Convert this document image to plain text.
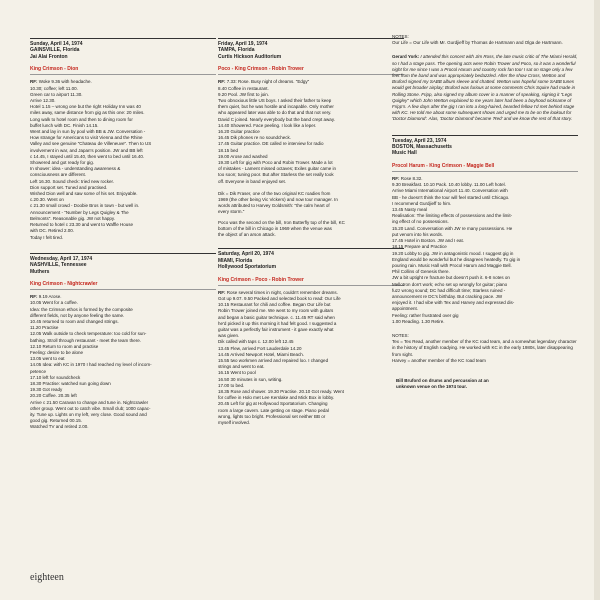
Sunday, April 14, 1974
GAINSVILLE, Florida
Jai Alai Fronton
King Crimson - Dion
RF: Woke 9.36 with headache.
10.30; coffee; left 11.00.
Green car to airport 11.30.
Arrive 12.30.
Hotel 1.15 – wrong one but the right Holiday Inn was 40
miles away, same distance from gig as this one: 20 miles.
Long walk to hotel room and then to dining room for
buffet lunch with DC. Finish 14.15.
Went and lay in sun by pool with BB & JW. Conversation -
How strange for Americans to visit Vienna and the Rhine
Valley and see genuine "Chateau de Villeneuve". Then to US
involvement in war, and Japan's position. JW and BB left
c 14.45, I stayed until 15.40, then went to bed until 16.40.
Showered and got ready for gig.
In shower: idea - understanding awareness &
consciousness are different.
Left 16.30. Sound check: tried new rocker.
Dion support set. Tuned and practised.
Wished Dion well and saw some of his set. Enjoyable.
c.20.30. Went on
c 21.30 small crowd - Doobie Bros in town - but well in.
Announcement - "Number by Legs Quigley & The
Belmonts". Reasonable gig. JW not happy.
Returned to hotel c 23.30 and went to Waffle House
with DC. Retired 2.00.
Today I felt tired.
Wednesday, April 17, 1974
NASHVILLE, Tennessee
Muthers
King Crimson - Nightcrawler
RF: 9.19 Arose.
10.05 Went for a coffee.
Idea: the Crimson ethos is formed by the composite
different fields, not by anyone feeling the same.
10.45 returned to room and changed strings.
11.20 Practise
12.05 Walk outside to check temperature: too cold for sun-
bathing. Stroll through restaurant - meet the team there.
12.10 Return to room and practise
Feeling: desire to be alone
13.05 went to eat
14.05 Idea: with KC in 1970 I had reached my level of incom-
petence
17.10 left for soundcheck
18.30 Practise: watched sun going down
19.30 Got ready
20.20 Coffee. 20.35 left
Arrive c 21.50 Caravan to change and tune in. Nightcrawler
other group. Went out to catch vibe. Small club; 1000 capac-
ity. Tune up. Lights on my left, very close. Good sound and
good gig. Returned 00.15.
Watched TV and retired 2.00.
Friday, April 19, 1974
TAMPA, Florida
Curtis Hickson Auditorium
Poco - King Crimson - Robin Trower
RF: 7.33: Rose. Busy night of dreams. "Edgy"
8.40 Coffee in restaurant.
9.20 Pool. JW first to join.
Two obnoxious little US boys. I asked their father to keep
them quiet, but he was hostile and incapable. Only mother
who appeared later was able to do that and that not very.
David C joined. Nearly everybody but the band crept away.
14.40 Showered. Face peeling. I look like a leper.
16.20 Guitar practice
16.45 Dik phones re no soundcheck.
17.45 Guitar practice. DE called re interview for radio
18.15 bed
19.00 Arose and washed
19.30 Left for gig with Poco and Robin Trower. Made a lot
of mistakes - Lament missed octaves; Exiles guitar came in
too soon; tuning poor. But after Starless the set really took
off. Everyone in band enjoyed set.
Dik = Dik Fraser, one of the two original KC roadies from
1969 (the other being Vic Vickers) and now tour manager. In
words attributed to Harvey Goldsmith: "the calm heart of
every storm."

Poco was the second on the bill, Iron Butterfly top of the bill, KC
bottom of the bill in Chicago in 1969 when the venue was
the object of an arson attack.
Saturday, April 20, 1974
MIAMI, Florida
Hollywood Sportatorium
King Crimson - Poco - Robin Trower
RF: Rose several times in night, couldn't remember dreams.
Got up 9.07. 9.50 Packed and selected book to read: Our Life
10.15 Restaurant for chili and coffee. Began Our Life but
Robin Trower joined me. We went to my room with guitars
and began a basic guitar technique. c. 11.45 RT said when
he'd picked it up this morning it had felt good. I suggested a
guitar was a perfectly fair instrument - it gave exactly what
was given.
Dik called with taps c. 12.00 left 12.45
13.45 Flew, arrived Fort Lauderdale 14.20
14.45 Arrived Newport Hotel, Miami Beach.
15.55 two workmen arrived and repaired loo. I changed
strings and went to eat.
16.15 Went to pool
16.50 30 minutes in sun, writing.
17.00 to bed.
18.35 Rose and shower. 19.30 Practise. 20.10 Got ready. Went
for coffee in Holo met Lee Kerslake and Mick Box in lobby.
20.45 Left for gig at Hollywood Sportatorium. Changing
room a large cavern. Late getting on stage. Piano pedal
wrong, lights too bright. Professional set neither BB or
myself involved.
NOTES:
Our Life = Our Life with Mr. Gurdjieff by Thomas de Hartmann and Olga de Hartmann.
Gerard York: I attended this concert with Jim Ross, the late music critic of The Miami Herald, so I had a stage pass. The opening acts were Robin Trower and Poco, so it was a wonderful night for me since I was a Procol Harum and country rock fan too! I sat on stage only a few feet from the band and was appropriately bedazzled. After the show Cross, Wetton and Bruford signed my SABB album sleeve and chatted. Wetton was hopeful some SABB tunes would get broader airplay; Bruford was furious at some comments Chris Squire had made in Rolling Stone. Fripp, also signed my album cover in a manner of speaking, signing it "Legs Quigley" which John Wetton explained to me years later had been a boyhood nickname of Fripp's. A few days after the gig I ran into a long-haired, bearded fellow I'd met behind stage with KC. He told me about some subsequent shows and urged me to be on the lookout for 'Doctor Diamond'. Alas, 'Doctor Diamond' became 'Red' and we know the rest of that story.
Tuesday, April 23, 1974
BOSTON, Massachusetts
Music Hall
Procol Harum - King Crimson - Maggie Bell
RF: Rose 8.32.
9.30 Breakfast. 10.10 Pack. 10.40 lobby. 11.00 Left hotel.
Arrive Miami International Airport 11.40. Conversation with
BB - he doesn't think the tour will feel started until Chicago.
I recommend Gurdjieff to him.
13.45 Nasty meal
Realisation: The limiting effects of possessions and the limit-
ing effect of no possessions.
15.20 Land. Conversation with JW re many possessions. He
put venom into his words.
17.45 Hotel in Boston. JW and I eat.
18.15 Prepare and Practice
19.20 Lobby to gig. JW in antagonistic mood. I suggest gig in
England would be wonderful but he disagrees heatedly. To gig in
pouring rain. Music Hall with Procol Harum and Maggie Bell.
Phil Collins of Genesis there.
JW a bit uptight re fracture but doesn't push it. 6-8 notes on
Mellotron don't work; echo set up wrongly for guitar; piano
fuzz wrong sound; DC had difficult time; Starless ruined -
announcement re DC's birthday. But cracking pace. JW
enjoyed it. I had vibe with Tex and Harvey and expressed dis-
appointment.
Feeling: rather frustrated over gig
1.00 Reading. 1.30 Retire.
NOTES:
Tex = Tex Read, another member of the KC road team, and a somewhat legendary character in the history of English roadying. He worked with KC in the early 1980s, later disappearing from sight.
Harvey = another member of the KC road team
Bill Bruford on drums and percussion at an
unknown venue on the 1974 tour.
eighteen
